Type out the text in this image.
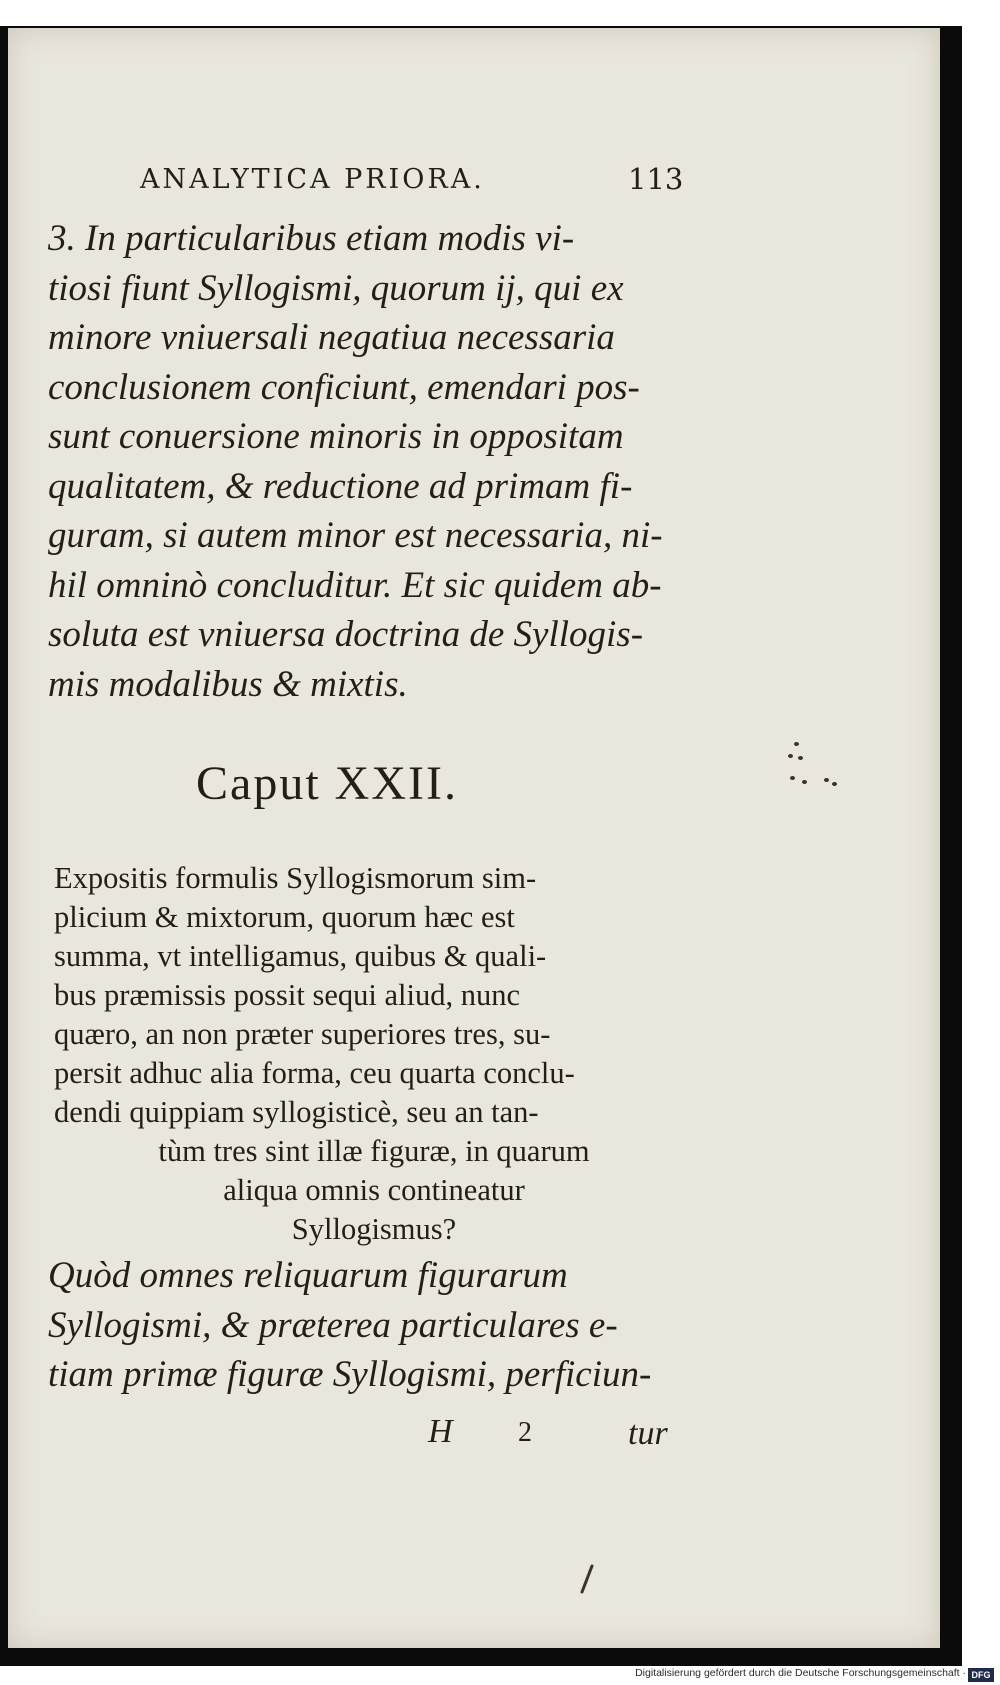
ANALYTICA PRIORA.	113
3. In particularibus etiam modis vi-
tiosi fiunt Syllogismi, quorum ij, qui ex
minore vniuersali negatiua necessaria
conclusionem conficiunt, emendari pos-
sunt conuersione minoris in oppositam
qualitatem, & reductione ad primam fi-
guram, si autem minor est necessaria, ni-
hil omninò concluditur. Et sic quidem ab-
soluta est vniuersa doctrina de Syllogis-
mis modalibus & mixtis.
Caput XXII.
Expositis formulis Syllogismorum sim-
plicium & mixtorum, quorum hæc est
summa, vt intelligamus, quibus & quali-
bus præmissis possit sequi aliud, nunc
quæro, an non præter superiores tres, su-
persit adhuc alia forma, ceu quarta conclu-
dendi quippiam syllogisticè, seu an tan-
tùm tres sint illæ figuræ, in quarum
aliqua omnis contineatur
Syllogismus?
Quòd omnes reliquarum figurarum
Syllogismi, & præterea particulares e-
tiam primæ figuræ Syllogismi, perficiun-
H 2	tur
Digitalisierung gefördert durch die Deutsche Forschungsgemeinschaft · DFG
